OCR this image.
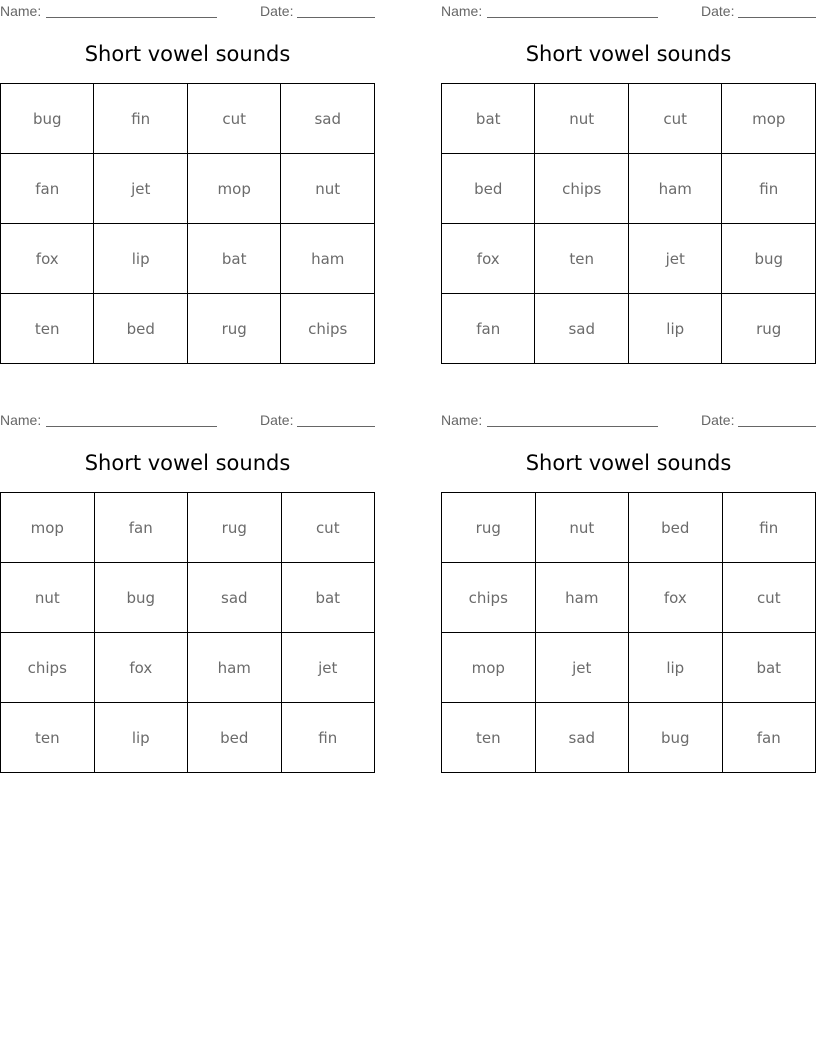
Name:	Date:
Short vowel sounds
bug	fin	cut	sad
fan	jet	mop	nut
fox	lip	bat	ham
ten	bed	rug	chips
Name:	Date:
Short vowel sounds
bat	nut	cut	mop
bed	chips	ham	fin
fox	ten	jet	bug
fan	sad	lip	rug
Name:	Date:
Short vowel sounds
mop	fan	rug	cut
nut	bug	sad	bat
chips	fox	ham	jet
ten	lip	bed	fin
Name:	Date:
Short vowel sounds
rug	nut	bed	fin
chips	ham	fox	cut
mop	jet	lip	bat
ten	sad	bug	fan
